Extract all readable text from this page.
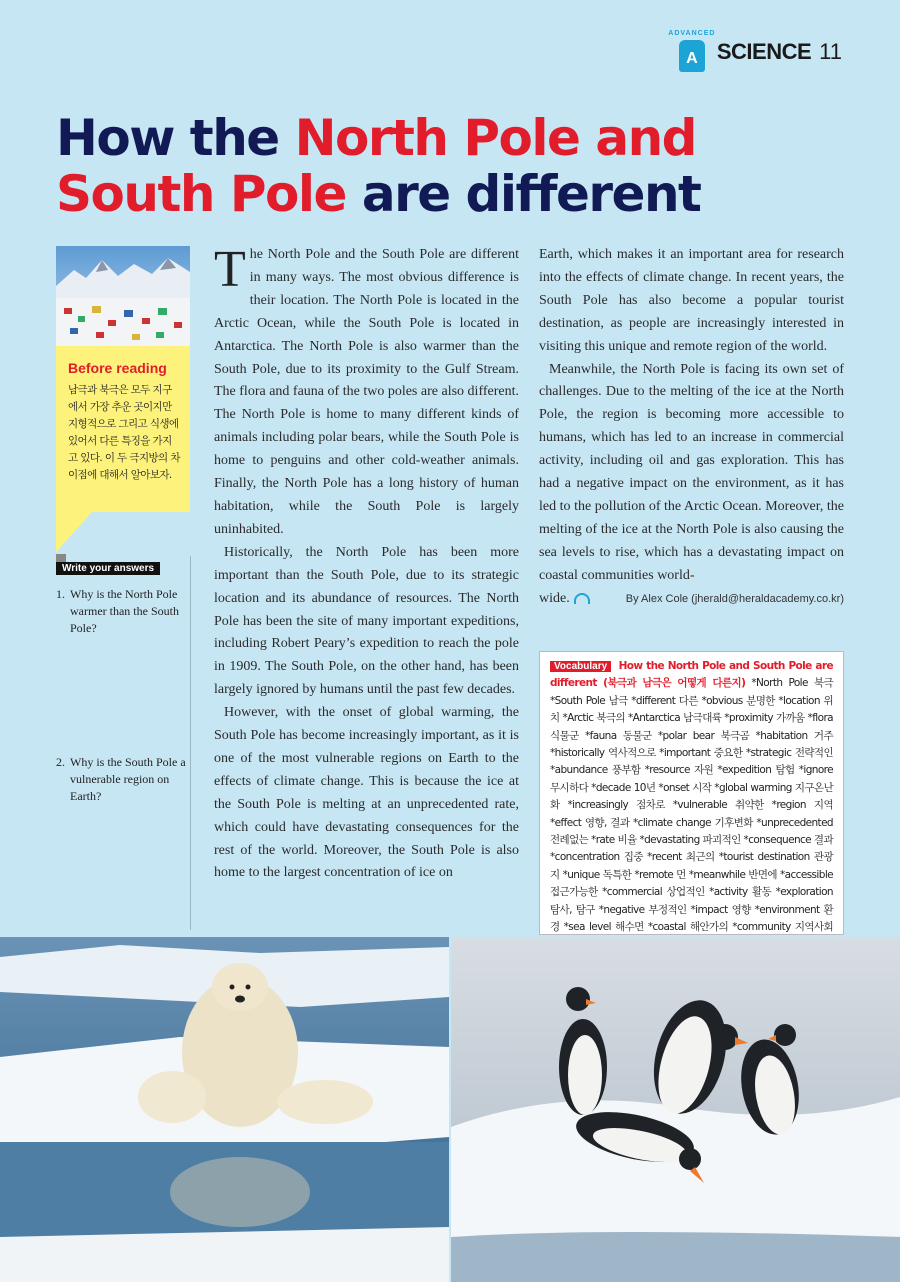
ADVANCED
A SCIENCE 11
How the North Pole and South Pole are different
Before reading

남극과 북극은 모두 지구에서 가장 추운 곳이지만 지형적으로 그리고 식생에 있어서 다른 특징을 가지고 있다. 이 두 극지방의 차이점에 대해서 알아보자.

Write your answers
1. Why is the North Pole warmer than the South Pole?
2. Why is the South Pole a vulnerable region on Earth?

The North Pole and the South Pole are different in many ways. The most obvious difference is their location. The North Pole is located in the Arctic Ocean, while the South Pole is located in Antarctica. The North Pole is also warmer than the South Pole, due to its proximity to the Gulf Stream. The flora and fauna of the two poles are also different. The North Pole is home to many different kinds of animals including polar bears, while the South Pole is home to penguins and other cold-weather animals. Finally, the North Pole has a long history of human habitation, while the South Pole is largely uninhabited.

Historically, the North Pole has been more important than the South Pole, due to its strategic location and its abundance of resources. The North Pole has been the site of many important expeditions, including Robert Peary’s expedition to reach the pole in 1909. The South Pole, on the other hand, has been largely ignored by humans until the past few decades.

However, with the onset of global warming, the South Pole has become increasingly important, as it is one of the most vulnerable regions on Earth to the effects of climate change. This is because the ice at the South Pole is melting at an unprecedented rate, which could have devastating consequences for the rest of the world. Moreover, the South Pole is also home to the largest concentration of ice on

Earth, which makes it an important area for research into the effects of climate change. In recent years, the South Pole has also become a popular tourist destination, as people are increasingly interested in visiting this unique and remote region of the world.

Meanwhile, the North Pole is facing its own set of challenges. Due to the melting of the ice at the North Pole, the region is becoming more accessible to humans, which has led to an increase in commercial activity, including oil and gas exploration. This has had a negative impact on the environment, as it has led to the pollution of the Arctic Ocean. Moreover, the melting of the ice at the North Pole is also causing the sea levels to rise, which has a devastating impact on coastal communities world-

wide.	By Alex Cole (jherald@heraldacademy.co.kr)
Vocabulary How the North Pole and South Pole are different (북극과 남극은 어떻게 다른지) *North Pole 북극 *South Pole 남극 *different 다른 *obvious 분명한 *location 위치 *Arctic 북극의 *Antarctica 남극대륙 *proximity 가까움 *flora 식물군 *fauna 동물군 *polar bear 북극곰 *habitation 거주 *historically 역사적으로 *important 중요한 *strategic 전략적인 *abundance 풍부함 *resource 자원 *expedition 탐험 *ignore 무시하다 *decade 10년 *onset 시작 *global warming 지구온난화 *increasingly 점차로 *vulnerable 취약한 *region 지역 *effect 영향, 결과 *climate change 기후변화 *unprecedented 전례없는 *rate 비율 *devastating 파괴적인 *consequence 결과 *concentration 집중 *recent 최근의 *tourist destination 관광지 *unique 독특한 *remote 먼 *meanwhile 반면에 *accessible 접근가능한 *commercial 상업적인 *activity 활동 *exploration 탐사, 탐구 *negative 부정적인 *impact 영향 *environment 환경 *sea level 해수면 *coastal 해안가의 *community 지역사회
